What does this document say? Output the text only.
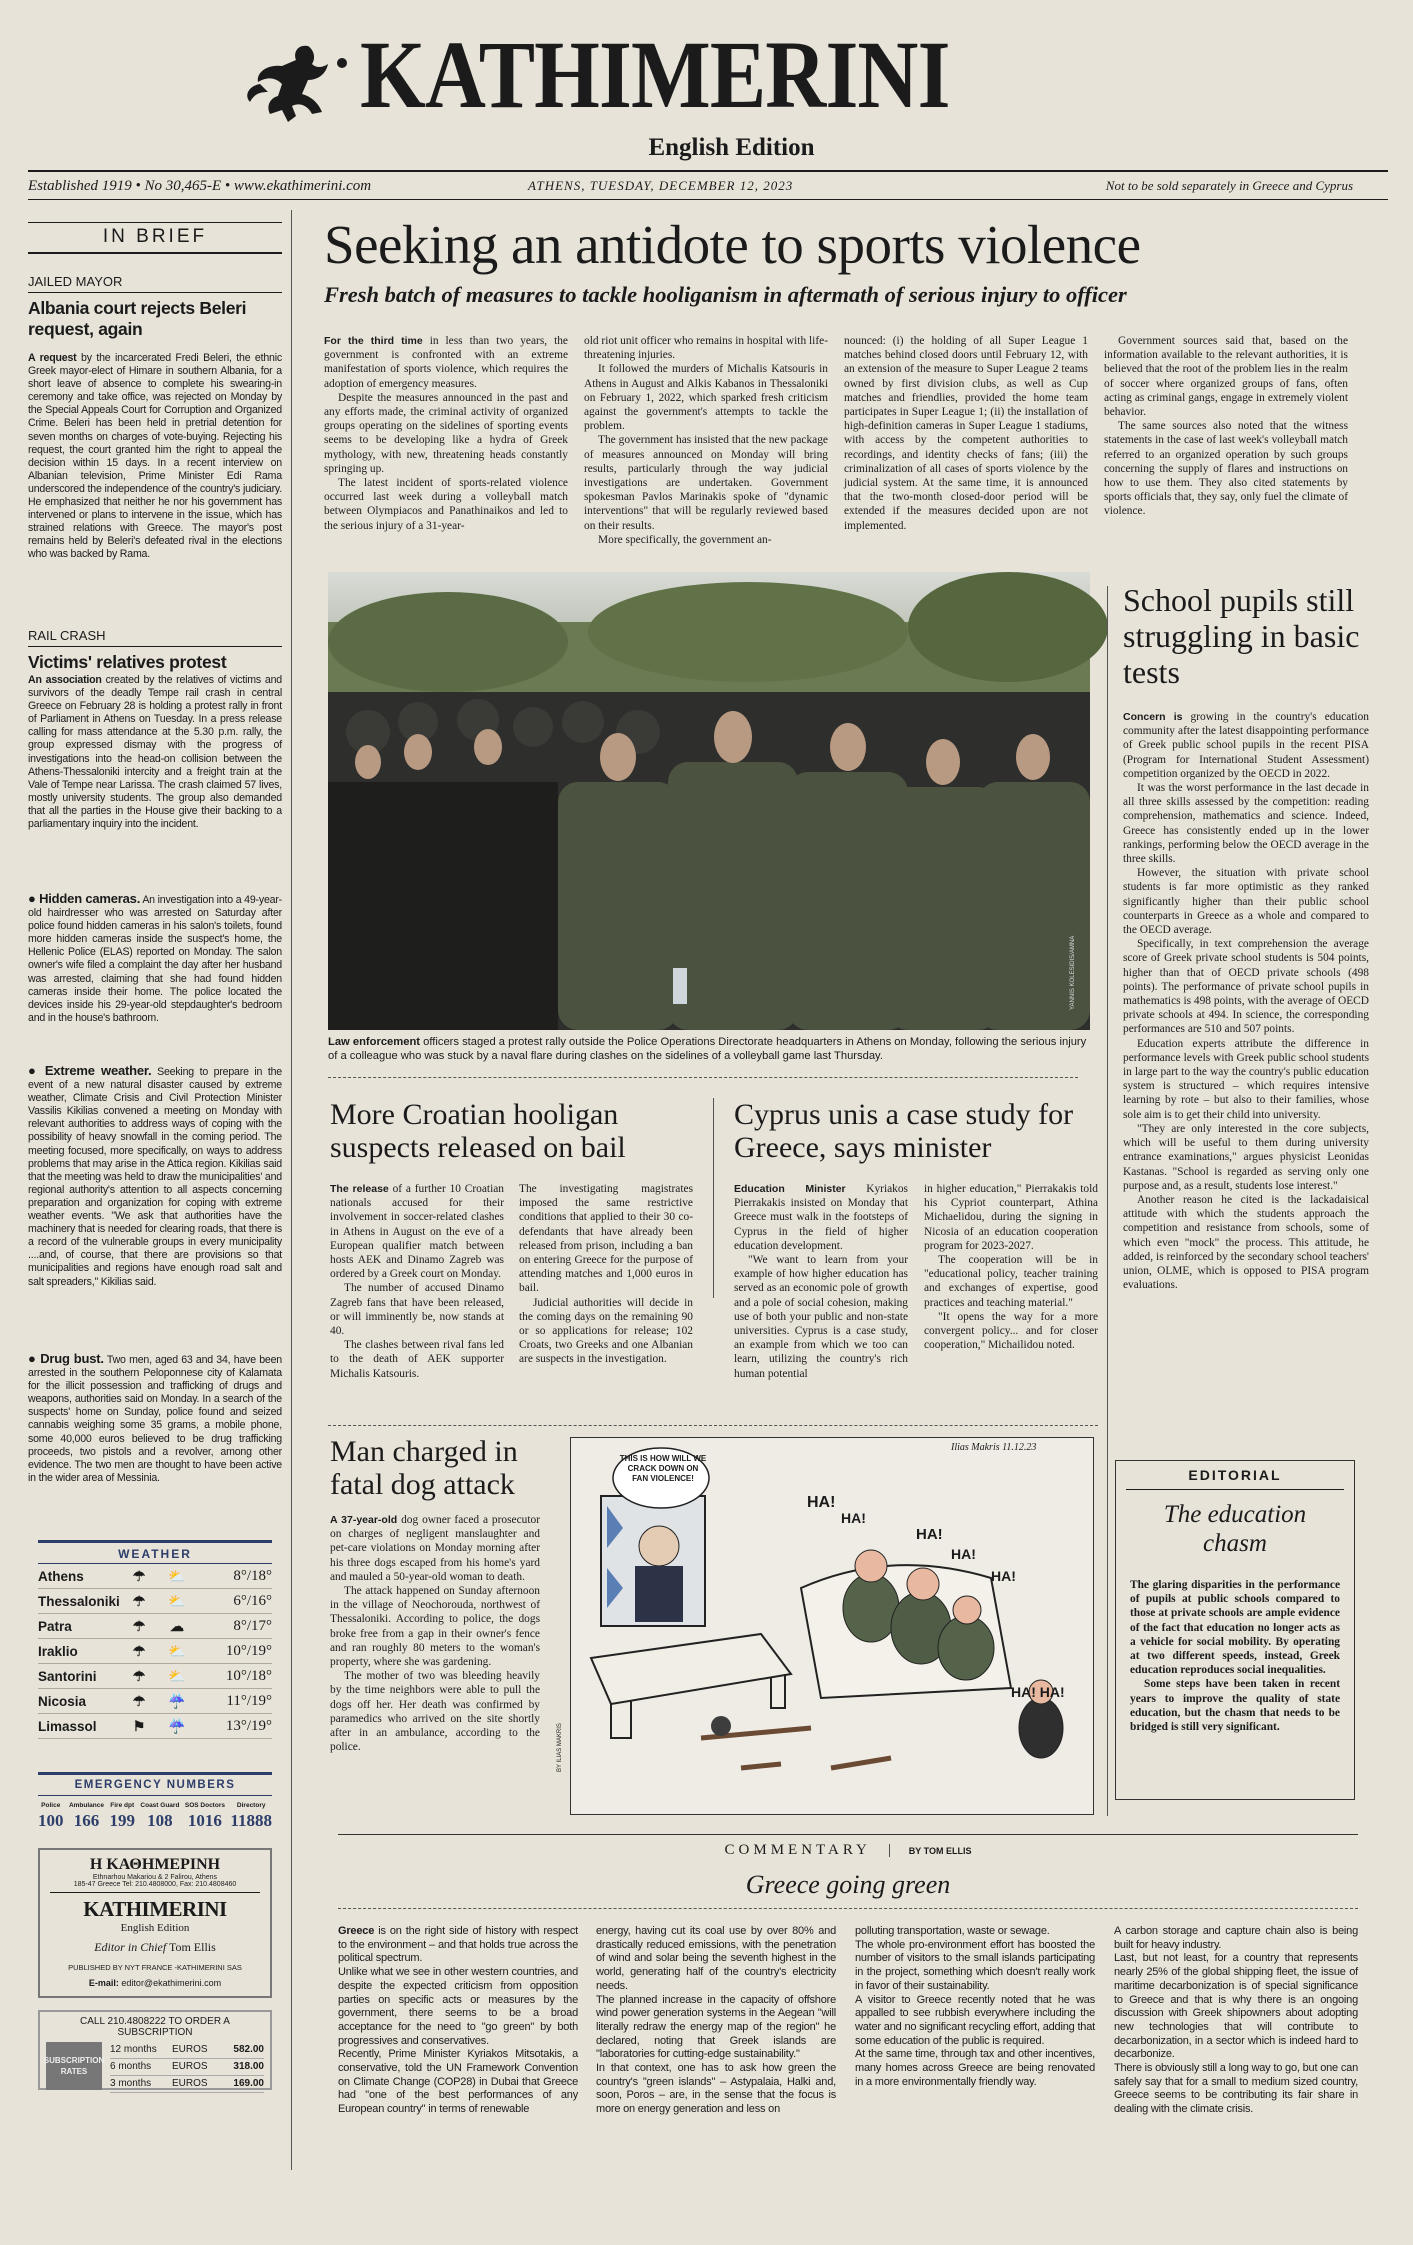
KATHIMERINI
English Edition
Established 1919 • No 30,465-E • www.ekathimerini.com	ATHENS, TUESDAY, DECEMBER 12, 2023	Not to be sold separately in Greece and Cyprus
IN BRIEF
JAILED MAYOR
Albania court rejects Beleri request, again
A request by the incarcerated Fredi Beleri, the ethnic Greek mayor-elect of Himare in southern Albania, for a short leave of absence to complete his swearing-in ceremony and take office, was rejected on Monday by the Special Appeals Court for Corruption and Organized Crime. Beleri has been held in pretrial detention for seven months on charges of vote-buying. Rejecting his request, the court granted him the right to appeal the decision within 15 days. In a recent interview on Albanian television, Prime Minister Edi Rama underscored the independence of the country's judiciary. He emphasized that neither he nor his government has intervened or plans to intervene in the issue, which has strained relations with Greece. The mayor's post remains held by Beleri's defeated rival in the elections who was backed by Rama.
RAIL CRASH
Victims' relatives protest
An association created by the relatives of victims and survivors of the deadly Tempe rail crash in central Greece on February 28 is holding a protest rally in front of Parliament in Athens on Tuesday. In a press release calling for mass attendance at the 5.30 p.m. rally, the group expressed dismay with the progress of investigations into the head-on collision between the Athens-Thessaloniki intercity and a freight train at the Vale of Tempe near Larissa. The crash claimed 57 lives, mostly university students. The group also demanded that all the parties in the House give their backing to a parliamentary inquiry into the incident.
● Hidden cameras. An investigation into a 49-year-old hairdresser who was arrested on Saturday after police found hidden cameras in his salon's toilets, found more hidden cameras inside the suspect's home, the Hellenic Police (ELAS) reported on Monday. The salon owner's wife filed a complaint the day after her husband was arrested, claiming that she had found hidden cameras inside their home. The police located the devices inside his 29-year-old stepdaughter's bedroom and in the house's bathroom.
● Extreme weather. Seeking to prepare in the event of a new natural disaster caused by extreme weather, Climate Crisis and Civil Protection Minister Vassilis Kikilias convened a meeting on Monday with relevant authorities to address ways of coping with the possibility of heavy snowfall in the coming period. The meeting focused, more specifically, on ways to address problems that may arise in the Attica region. Kikilias said that the meeting was held to draw the municipalities' and regional authority's attention to all aspects concerning preparation and organization for coping with extreme weather events. "We ask that authorities have the machinery that is needed for clearing roads, that there is a record of the vulnerable groups in every municipality ....and, of course, that there are provisions so that municipalities and regions have enough road salt and salt spreaders," Kikilias said.
● Drug bust. Two men, aged 63 and 34, have been arrested in the southern Peloponnese city of Kalamata for the illicit possession and trafficking of drugs and weapons, authorities said on Monday. In a search of the suspects' home on Sunday, police found and seized cannabis weighing some 35 grams, a mobile phone, some 40,000 euros believed to be drug trafficking proceeds, two pistols and a revolver, among other evidence. The two men are thought to have been active in the wider area of Messinia.
WEATHER
Athens	☂	⛅	8°/18°
Thessaloniki ☂	⛅	6°/16°
Patra	☂	☁	8°/17°
Iraklio	☂	⛅	10°/19°
Santorini	☂	⛅	10°/18°
Nicosia	☂	☔	11°/19°
Limassol	⚑	☔	13°/19°
EMERGENCY NUMBERS
Police
100
Ambulance
166
Fire dpt
199
Coast Guard
108
SOS Doctors
1016
Directory
11888
Η ΚΑΘΗΜΕΡΙΝΗ
Ethnarhou Makariou & 2 Falirou, Athens
185-47 Greece Tel: 210.4808000, Fax: 210.4808460
KATHIMERINI
English Edition
Editor in Chief Tom Ellis
PUBLISHED BY NYT FRANCE -KATHIMERINI SAS
E-mail: editor@ekathimerini.com
CALL 210.4808222 TO ORDER A SUBSCRIPTION
SUBSCRIPTION RATES
12 months	EUROS	582.00
6 months	EUROS	318.00
3 months	EUROS	169.00
Seeking an antidote to sports violence
Fresh batch of measures to tackle hooliganism in aftermath of serious injury to officer

For the third time in less than two years, the government is confronted with an extreme manifestation of sports violence, which requires the adoption of emergency measures.

Despite the measures announced in the past and any efforts made, the criminal activity of organized groups operating on the sidelines of sporting events seems to be developing like a hydra of Greek mythology, with new, threatening heads constantly springing up.

The latest incident of sports-related violence occurred last week during a volleyball match between Olympiacos and Panathinaikos and led to the serious injury of a 31-year-

old riot unit officer who remains in hospital with life-threatening injuries.

It followed the murders of Michalis Katsouris in Athens in August and Alkis Kabanos in Thessaloniki on February 1, 2022, which sparked fresh criticism against the government's attempts to tackle the problem.

The government has insisted that the new package of measures announced on Monday will bring results, particularly through the way judicial investigations are undertaken. Government spokesman Pavlos Marinakis spoke of "dynamic interventions" that will be regularly reviewed based on their results.

More specifically, the government an-

nounced: (i) the holding of all Super League 1 matches behind closed doors until February 12, with an extension of the measure to Super League 2 teams owned by first division clubs, as well as Cup matches and friendlies, provided the home team participates in Super League 1; (ii) the installation of high-definition cameras in Super League 1 stadiums, with access by the competent authorities to recordings, and identity checks of fans; (iii) the criminalization of all cases of sports violence by the judicial system. At the same time, it is announced that the two-month closed-door period will be extended if the measures decided upon are not implemented.

Government sources said that, based on the information available to the relevant authorities, it is believed that the root of the problem lies in the realm of soccer where organized groups of fans, often acting as criminal gangs, engage in extremely violent behavior.

The same sources also noted that the witness statements in the case of last week's volleyball match referred to an organized operation by such groups concerning the supply of flares and instructions on how to use them. They also cited statements by sports officials that, they say, only fuel the climate of violence.

YANNIS KOLESIDIS/AMNA
Law enforcement officers staged a protest rally outside the Police Operations Directorate headquarters in Athens on Monday, following the serious injury of a colleague who was stuck by a naval flare during clashes on the sidelines of a volleyball game last Thursday.
School pupils still struggling in basic tests

Concern is growing in the country's education community after the latest disappointing performance of Greek public school pupils in the recent PISA (Program for International Student Assessment) competition organized by the OECD in 2022.

It was the worst performance in the last decade in all three skills assessed by the competition: reading comprehension, mathematics and science. Indeed, Greece has consistently ended up in the lower rankings, performing below the OECD average in the three skills.

However, the situation with private school students is far more optimistic as they ranked significantly higher than their public school counterparts in Greece as a whole and compared to the OECD average.

Specifically, in text comprehension the average score of Greek private school students is 504 points, higher than that of OECD private schools (498 points). The performance of private school pupils in mathematics is 498 points, with the average of OECD private schools at 494. In science, the corresponding performances are 510 and 507 points.

Education experts attribute the difference in performance levels with Greek public school students in large part to the way the country's public education system is structured – which requires intensive learning by rote – but also to their families, whose sole aim is to get their child into university.

"They are only interested in the core subjects, which will be useful to them during university entrance examinations," argues physicist Leonidas Kastanas. "School is regarded as serving only one purpose and, as a result, students lose interest."

Another reason he cited is the lackadaisical attitude with which the students approach the competition and resistance from schools, some of which even "mock" the process. This attitude, he added, is reinforced by the secondary school teachers' union, OLME, which is opposed to PISA program evaluations.

More Croatian hooligan suspects released on bail

The release of a further 10 Croatian nationals accused for their involvement in soccer-related clashes in Athens in August on the eve of a European qualifier match between hosts AEK and Dinamo Zagreb was ordered by a Greek court on Monday.

The number of accused Dinamo Zagreb fans that have been released, or will imminently be, now stands at 40.

The clashes between rival fans led to the death of AEK supporter Michalis Katsouris.

The investigating magistrates imposed the same restrictive conditions that applied to their 30 co-defendants that have already been released from prison, including a ban on entering Greece for the purpose of attending matches and 1,000 euros in bail.

Judicial authorities will decide in the coming days on the remaining 90 or so applications for release; 102 Croats, two Greeks and one Albanian are suspects in the investigation.

Cyprus unis a case study for Greece, says minister

Education Minister Kyriakos Pierrakakis insisted on Monday that Greece must walk in the footsteps of Cyprus in the field of higher education development.

"We want to learn from your example of how higher education has served as an economic pole of growth and a pole of social cohesion, making use of both your public and non-state universities. Cyprus is a case study, an example from which we too can learn, utilizing the country's rich human potential

in higher education," Pierrakakis told his Cypriot counterpart, Athina Michaelidou, during the signing in Nicosia of an education cooperation program for 2023-2027.

The cooperation will be in "educational policy, teacher training and exchanges of expertise, good practices and teaching material."

"It opens the way for a more convergent policy... and for closer cooperation," Michailidou noted.

Man charged in fatal dog attack

A 37-year-old dog owner faced a prosecutor on charges of negligent manslaughter and pet-care violations on Monday morning after his three dogs escaped from his home's yard and mauled a 50-year-old woman to death.

The attack happened on Sunday afternoon in the village of Neochorouda, northwest of Thessaloniki. According to police, the dogs broke free from a gap in their owner's fence and ran roughly 80 meters to the woman's property, where she was gardening.

The mother of two was bleeding heavily by the time neighbors were able to pull the dogs off her. Her death was confirmed by paramedics who arrived on the site shortly after in an ambulance, according to the police.

THIS IS HOW WILL WE CRACK DOWN ON FAN VIOLENCE!
HA!
HA!
HA!
HA!
HA!
HA! HA!
Ilias Makris 11.12.23
BY ILIAS MAKRIS
EDITORIAL
The education chasm

The glaring disparities in the performance of pupils at public schools compared to those at private schools are ample evidence of the fact that education no longer acts as a vehicle for social mobility. By operating at two different speeds, instead, Greek education reproduces social inequalities.

Some steps have been taken in recent years to improve the quality of state education, but the chasm that needs to be bridged is still very significant.

COMMENTARY | BY TOM ELLIS
Greece going green

Greece is on the right side of history with respect to the environment – and that holds true across the political spectrum.

Unlike what we see in other western countries, and despite the expected criticism from opposition parties on specific acts or measures by the government, there seems to be a broad acceptance for the need to "go green" by both progressives and conservatives.

Recently, Prime Minister Kyriakos Mitsotakis, a conservative, told the UN Framework Convention on Climate Change (COP28) in Dubai that Greece had "one of the best performances of any European country" in terms of renewable

energy, having cut its coal use by over 80% and drastically reduced emissions, with the penetration of wind and solar being the seventh highest in the world, generating half of the country's electricity needs.

The planned increase in the capacity of offshore wind power generation systems in the Aegean "will literally redraw the energy map of the region" he declared, noting that Greek islands are "laboratories for cutting-edge sustainability."

In that context, one has to ask how green the country's "green islands" – Astypalaia, Halki and, soon, Poros – are, in the sense that the focus is more on energy generation and less on

polluting transportation, waste or sewage.

The whole pro-environment effort has boosted the number of visitors to the small islands participating in the project, something which doesn't really work in favor of their sustainability.

A visitor to Greece recently noted that he was appalled to see rubbish everywhere including the water and no significant recycling effort, adding that some education of the public is required.

At the same time, through tax and other incentives, many homes across Greece are being renovated in a more environmentally friendly way.

A carbon storage and capture chain also is being built for heavy industry.

Last, but not least, for a country that represents nearly 25% of the global shipping fleet, the issue of maritime decarbonization is of special significance to Greece and that is why there is an ongoing discussion with Greek shipowners about adopting new technologies that will contribute to decarbonization, in a sector which is indeed hard to decarbonize.

There is obviously still a long way to go, but one can safely say that for a small to medium sized country, Greece seems to be contributing its fair share in dealing with the climate crisis.
